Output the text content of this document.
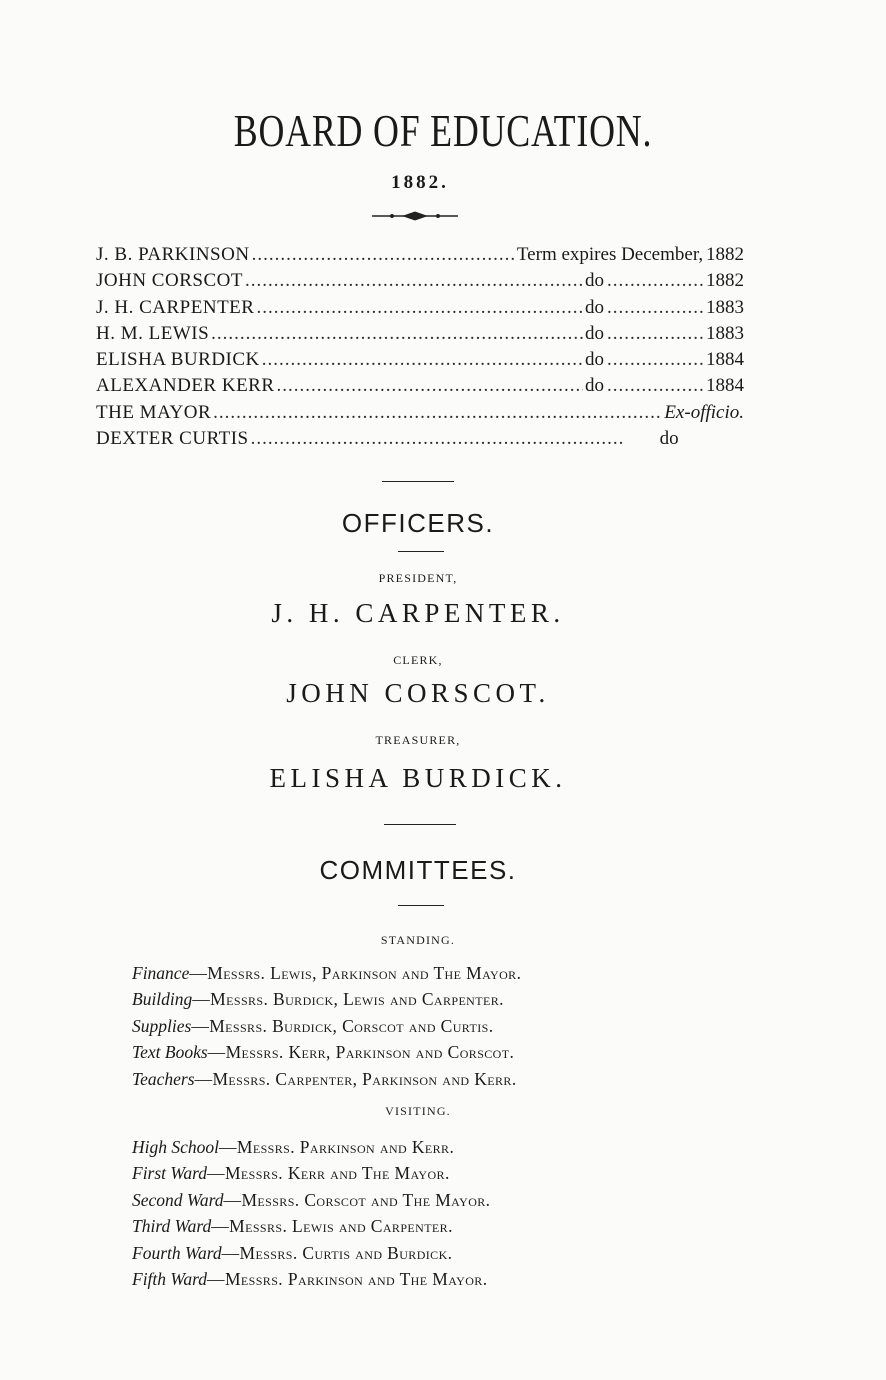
BOARD OF EDUCATION.
1882.
J. B. PARKINSON .....	Term expires December, 1882
JOHN CORSCOT .....	do .....	1882
J. H. CARPENTER .....	do .....	1883
H. M. LEWIS .....	do .....	1883
ELISHA BURDICK .....	do .....	1884
ALEXANDER KERR .....	do .....	1884
THE MAYOR .....	Ex-officio.
DEXTER CURTIS .....	do
OFFICERS.
PRESIDENT,
J. H. CARPENTER.
CLERK,
JOHN CORSCOT.
TREASURER,
ELISHA BURDICK.
COMMITTEES.
STANDING.
Finance—Messrs. Lewis, Parkinson and The Mayor.
Building—Messrs. Burdick, Lewis and Carpenter.
Supplies—Messrs. Burdick, Corscot and Curtis.
Text Books—Messrs. Kerr, Parkinson and Corscot.
Teachers—Messrs. Carpenter, Parkinson and Kerr.
VISITING.
High School—Messrs. Parkinson and Kerr.
First Ward—Messrs. Kerr and The Mayor.
Second Ward—Messrs. Corscot and The Mayor.
Third Ward—Messrs. Lewis and Carpenter.
Fourth Ward—Messrs. Curtis and Burdick.
Fifth Ward—Messrs. Parkinson and The Mayor.
